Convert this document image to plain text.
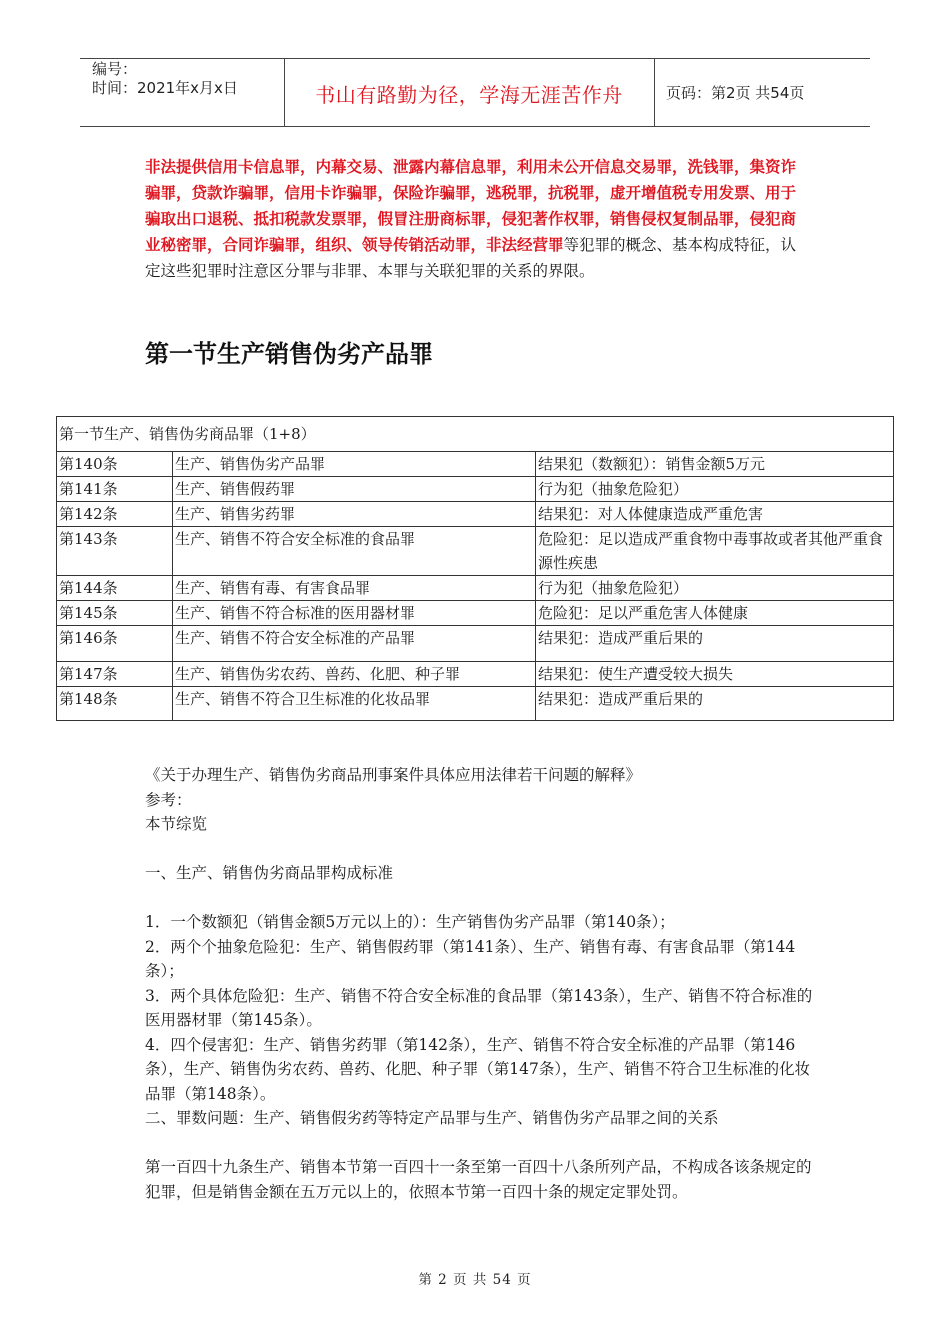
编号：
时间：2021年x月x日	书山有路勤为径，学海无涯苦作舟	页码：第2页 共54页
非法提供信用卡信息罪，内幕交易、泄露内幕信息罪，利用未公开信息交易罪，洗钱罪，集资诈骗罪，贷款诈骗罪，信用卡诈骗罪，保险诈骗罪，逃税罪，抗税罪，虚开增值税专用发票、用于骗取出口退税、抵扣税款发票罪，假冒注册商标罪，侵犯著作权罪，销售侵权复制品罪，侵犯商业秘密罪，合同诈骗罪，组织、领导传销活动罪，非法经营罪等犯罪的概念、基本构成特征，认定这些犯罪时注意区分罪与非罪、本罪与关联犯罪的关系的界限。
第一节生产销售伪劣产品罪
第一节生产、销售伪劣商品罪（1+8）		
第140条	生产、销售伪劣产品罪	结果犯（数额犯）：销售金额5万元
第141条	生产、销售假药罪	行为犯（抽象危险犯）
第142条	生产、销售劣药罪	结果犯：对人体健康造成严重危害
第143条	生产、销售不符合安全标准的食品罪	危险犯：足以造成严重食物中毒事故或者其他严重食源性疾患
第144条	生产、销售有毒、有害食品罪	行为犯（抽象危险犯）
第145条	生产、销售不符合标准的医用器材罪	危险犯：足以严重危害人体健康
第146条	生产、销售不符合安全标准的产品罪	结果犯：造成严重后果的
第147条	生产、销售伪劣农药、兽药、化肥、种子罪	结果犯：使生产遭受较大损失
第148条	生产、销售不符合卫生标准的化妆品罪	结果犯：造成严重后果的

《关于办理生产、销售伪劣商品刑事案件具体应用法律若干问题的解释》

参考：

本节综览

一、生产、销售伪劣商品罪构成标准

1．一个数额犯（销售金额5万元以上的）：生产销售伪劣产品罪（第140条）；

2．两个个抽象危险犯：生产、销售假药罪（第141条）、生产、销售有毒、有害食品罪（第144条）；

3．两个具体危险犯：生产、销售不符合安全标准的食品罪（第143条），生产、销售不符合标准的医用器材罪（第145条）。

4．四个侵害犯：生产、销售劣药罪（第142条），生产、销售不符合安全标准的产品罪（第146条），生产、销售伪劣农药、兽药、化肥、种子罪（第147条），生产、销售不符合卫生标准的化妆品罪（第148条）。

二、罪数问题：生产、销售假劣药等特定产品罪与生产、销售伪劣产品罪之间的关系

第一百四十九条生产、销售本节第一百四十一条至第一百四十八条所列产品，不构成各该条规定的犯罪，但是销售金额在五万元以上的，依照本节第一百四十条的规定定罪处罚。

第 2 页 共 54 页
